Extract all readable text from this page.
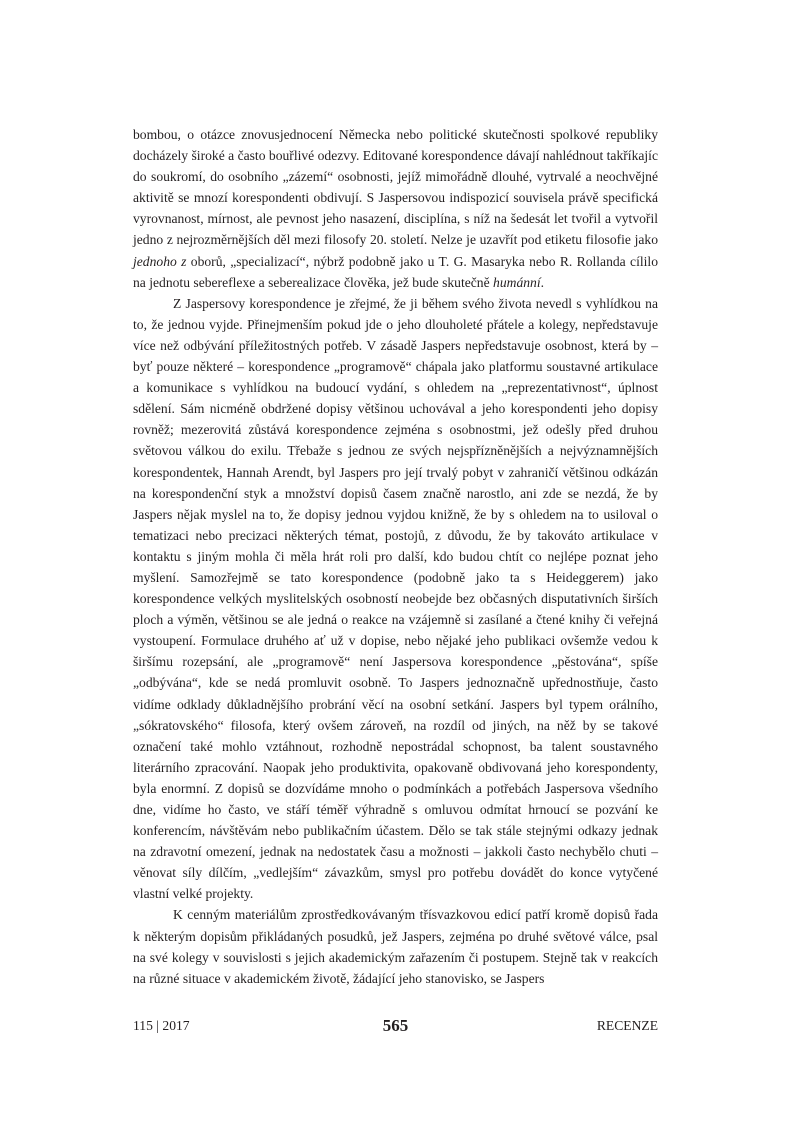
bombou, o otázce znovusjednocení Německa nebo politické skutečnosti spolkové republiky docházely široké a často bouřlivé odezvy. Editované korespondence dávají nahlédnout takříkajíc do soukromí, do osobního „zázemí“ osobnosti, jejíž mimořádně dlouhé, vytrvalé a neochvějné aktivitě se mnozí korespondenti obdivují. S Jaspersovou indispozicí souvisela právě specifická vyrovnanost, mírnost, ale pevnost jeho nasazení, disciplína, s níž na šedesát let tvořil a vytvořil jedno z nejrozměrnějších děl mezi filosofy 20. století. Nelze je uzavřít pod etiketu filosofie jako jednoho z oborů, „specializací“, nýbrž podobně jako u T. G. Masaryka nebo R. Rollanda cílilo na jednotu sebereflexe a seberealizace člověka, jež bude skutečně humánní.

Z Jaspersovy korespondence je zřejmé, že ji během svého života nevedl s vyhlídkou na to, že jednou vyjde. Přinejmenším pokud jde o jeho dlouholeté přátele a kolegy, nepředstavuje více než odbývání příležitostných potřeb. V zásadě Jaspers nepředstavuje osobnost, která by – byť pouze některé – korespondence „programově“ chápala jako platformu soustavné artikulace a komunikace s vyhlídkou na budoucí vydání, s ohledem na „reprezentativnost“, úplnost sdělení. Sám nicméně obdržené dopisy většinou uchovával a jeho korespondenti jeho dopisy rovněž; mezerovitá zůstává korespondence zejména s osobnostmi, jež odešly před druhou světovou válkou do exilu. Třebaže s jednou ze svých nejspřízněnějších a nejvýznamnějších korespondentek, Hannah Arendt, byl Jaspers pro její trvalý pobyt v zahraničí většinou odkázán na korespondenční styk a množství dopisů časem značně narostlo, ani zde se nezdá, že by Jaspers nějak myslel na to, že dopisy jednou vyjdou knižně, že by s ohledem na to usiloval o tematizaci nebo precizaci některých témat, postojů, z důvodu, že by takováto artikulace v kontaktu s jiným mohla či měla hrát roli pro další, kdo budou chtít co nejlépe poznat jeho myšlení. Samozřejmě se tato korespondence (podobně jako ta s Heideggerem) jako korespondence velkých myslitelských osobností neobejde bez občasných disputativních širších ploch a výměn, většinou se ale jedná o reakce na vzájemně si zasílané a čtené knihy či veřejná vystoupení. Formulace druhého ať už v dopise, nebo nějaké jeho publikaci ovšemže vedou k širšímu rozepsání, ale „programově“ není Jaspersova korespondence „pěstována“, spíše „odbývána“, kde se nedá promluvit osobně. To Jaspers jednoznačně upřednostňuje, často vidíme odklady důkladnějšího probrání věcí na osobní setkání. Jaspers byl typem orálního, „sókratovského“ filosofa, který ovšem zároveň, na rozdíl od jiných, na něž by se takové označení také mohlo vztáhnout, rozhodně nepostrádal schopnost, ba talent soustavného literárního zpracování. Naopak jeho produktivita, opakovaně obdivovaná jeho korespondenty, byla enormní. Z dopisů se dozvídáme mnoho o podmínkách a potřebách Jaspersova všedního dne, vidíme ho často, ve stáří téměř výhradně s omluvou odmítat hrnoucí se pozvání ke konferencím, návštěvám nebo publikačním účastem. Dělo se tak stále stejnými odkazy jednak na zdravotní omezení, jednak na nedostatek času a možnosti – jakkoli často nechybělo chuti – věnovat síly dílčím, „vedlejším“ závazkům, smysl pro potřebu dovádět do konce vytyčené vlastní velké projekty.

K cenným materiálům zprostředkovávaným třísvazkovou edicí patří kromě dopisů řada k některým dopisům přikládaných posudků, jež Jaspers, zejména po druhé světové válce, psal na své kolegy v souvislosti s jejich akademickým zařazením či postupem. Stejně tak v reakcích na různé situace v akademickém životě, žádající jeho stanovisko, se Jaspers

115 | 2017	565	RECENZE
